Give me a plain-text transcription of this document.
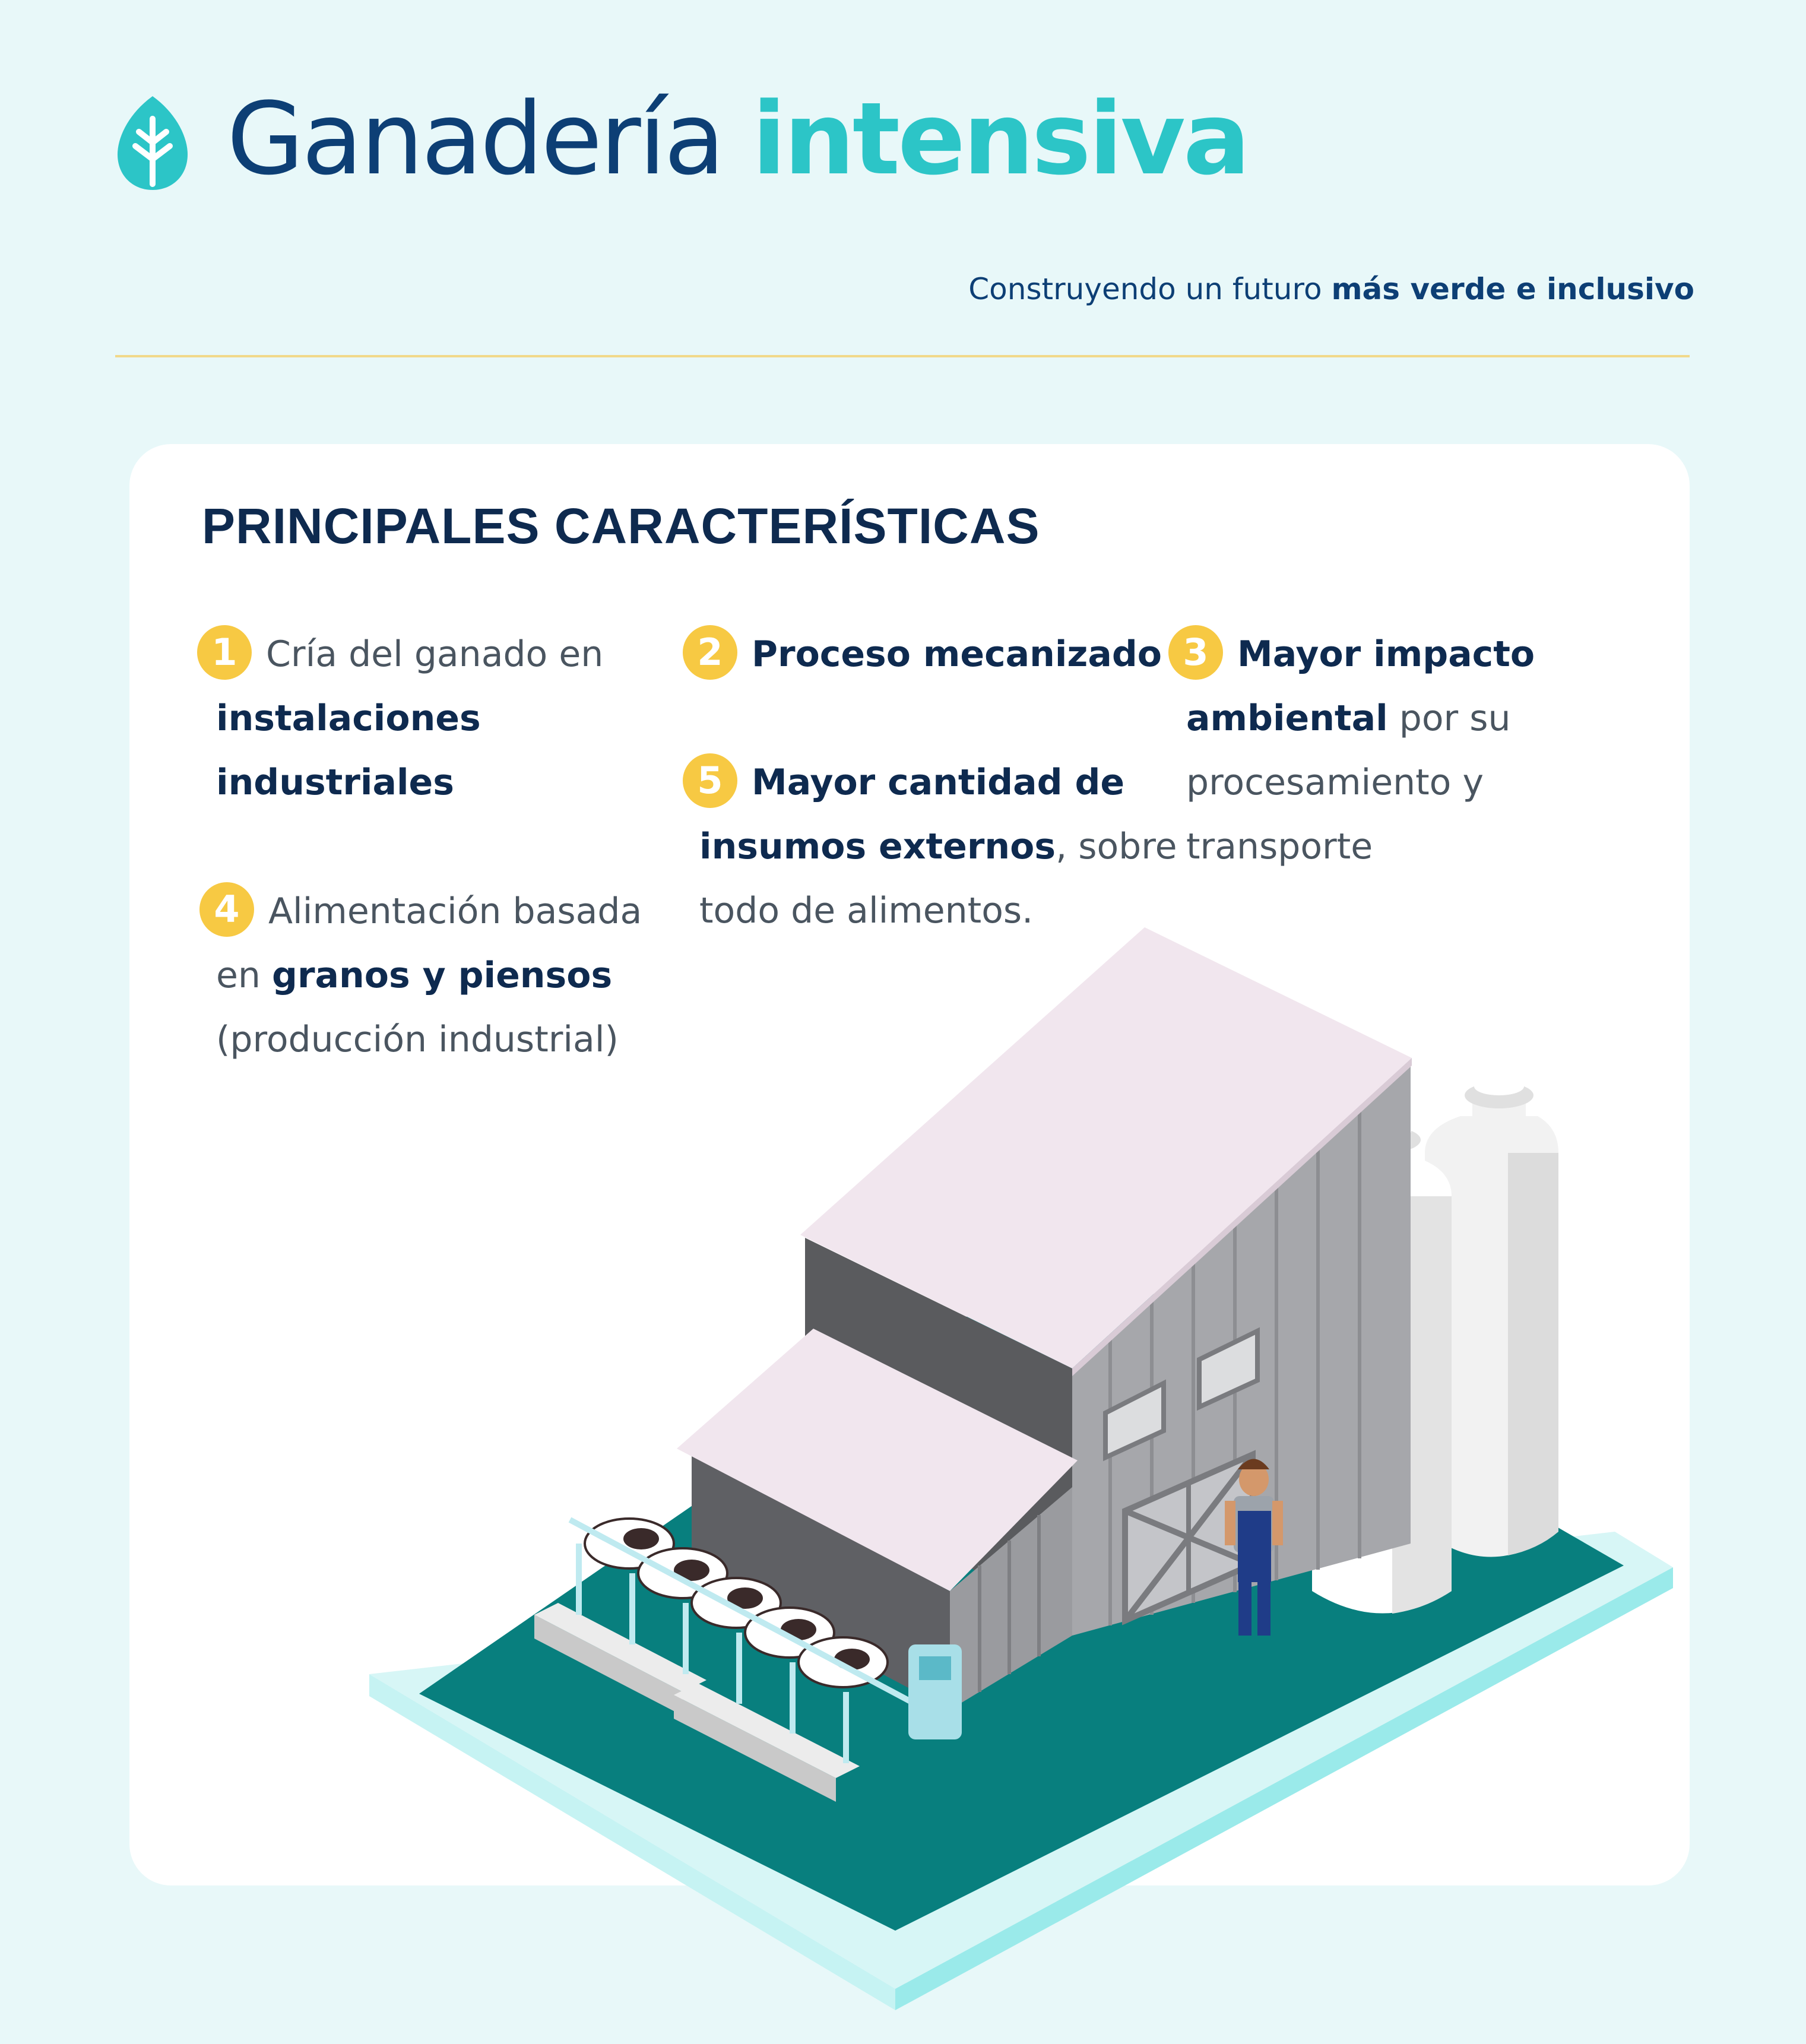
Ganadería intensiva
Construyendo un futuro más verde e inclusivo
PRINCIPALES CARACTERÍSTICAS
1 Cría del ganado en
instalaciones
industriales
2 Proceso mecanizado 3 Mayor impacto
ambiental por su
procesamiento y
transporte
4 Alimentación basada
en granos y piensos
(producción industrial)
5 Mayor cantidad de
insumos externos, sobre
todo de alimentos.
